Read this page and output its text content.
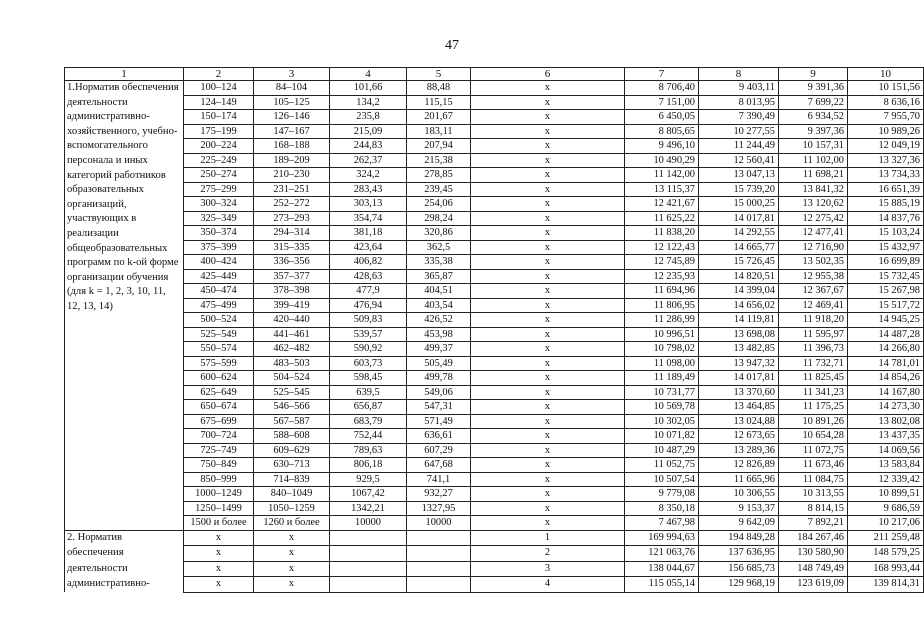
47
1	2	3	4	5	6	7	8	9	10
1.Норматив обеспечения деятельности административно-хозяйственного, учебно-вспомогательного персонала и иных категорий работников образовательных организаций, участвующих в реализации общеобразовательных программ по k-ой форме организации обучения (для k = 1, 2, 3, 10, 11, 12, 13, 14)	100–124	84–104	101,66	88,48	x	8 706,40	9 403,11	9 391,36	10 151,56
	124–149	105–125	134,2	115,15	x	7 151,00	8 013,95	7 699,22	8 636,16
	150–174	126–146	235,8	201,67	x	6 450,05	7 390,49	6 934,52	7 955,70
	175–199	147–167	215,09	183,11	x	8 805,65	10 277,55	9 397,36	10 989,26
	200–224	168–188	244,83	207,94	x	9 496,10	11 244,49	10 157,31	12 049,19
	225–249	189–209	262,37	215,38	x	10 490,29	12 560,41	11 102,00	13 327,36
	250–274	210–230	324,2	278,85	x	11 142,00	13 047,13	11 698,21	13 734,33
	275–299	231–251	283,43	239,45	x	13 115,37	15 739,20	13 841,32	16 651,39
	300–324	252–272	303,13	254,06	x	12 421,67	15 000,25	13 120,62	15 885,19
	325–349	273–293	354,74	298,24	x	11 625,22	14 017,81	12 275,42	14 837,76
	350–374	294–314	381,18	320,86	x	11 838,20	14 292,55	12 477,41	15 103,24
	375–399	315–335	423,64	362,5	x	12 122,43	14 665,77	12 716,90	15 432,97
	400–424	336–356	406,82	335,38	x	12 745,89	15 726,45	13 502,35	16 699,89
	425–449	357–377	428,63	365,87	x	12 235,93	14 820,51	12 955,38	15 732,45
	450–474	378–398	477,9	404,51	x	11 694,96	14 399,04	12 367,67	15 267,98
	475–499	399–419	476,94	403,54	x	11 806,95	14 656,02	12 469,41	15 517,72
	500–524	420–440	509,83	426,52	x	11 286,99	14 119,81	11 918,20	14 945,25
	525–549	441–461	539,57	453,98	x	10 996,51	13 698,08	11 595,97	14 487,28
	550–574	462–482	590,92	499,37	x	10 798,02	13 482,85	11 396,73	14 266,80
	575–599	483–503	603,73	505,49	x	11 098,00	13 947,32	11 732,71	14 781,01
	600–624	504–524	598,45	499,78	x	11 189,49	14 017,81	11 825,45	14 854,26
	625–649	525–545	639,5	549,06	x	10 731,77	13 370,60	11 341,23	14 167,80
	650–674	546–566	656,87	547,31	x	10 569,78	13 464,85	11 175,25	14 273,30
	675–699	567–587	683,79	571,49	x	10 302,05	13 024,88	10 891,26	13 802,08
	700–724	588–608	752,44	636,61	x	10 071,82	12 673,65	10 654,28	13 437,35
	725–749	609–629	789,63	607,29	x	10 487,29	13 289,36	11 072,75	14 069,56
	750–849	630–713	806,18	647,68	x	11 052,75	12 826,89	11 673,46	13 583,84
	850–999	714–839	929,5	741,1	x	10 507,54	11 665,96	11 084,75	12 339,42
	1000–1249	840–1049	1067,42	932,27	x	9 779,08	10 306,55	10 313,55	10 899,51
	1250–1499	1050–1259	1342,21	1327,95	x	8 350,18	9 153,37	8 814,15	9 686,59
	1500 и более	1260 и более	10000	10000	x	7 467,98	9 642,09	7 892,21	10 217,06
2. Норматив	x	x			1	169 994,63	194 849,28	184 267,46	211 259,48
обеспечения	x	x			2	121 063,76	137 636,95	130 580,90	148 579,25
деятельности	x	x			3	138 044,67	156 685,73	148 749,49	168 993,44
административно-	x	x			4	115 055,14	129 968,19	123 619,09	139 814,31
